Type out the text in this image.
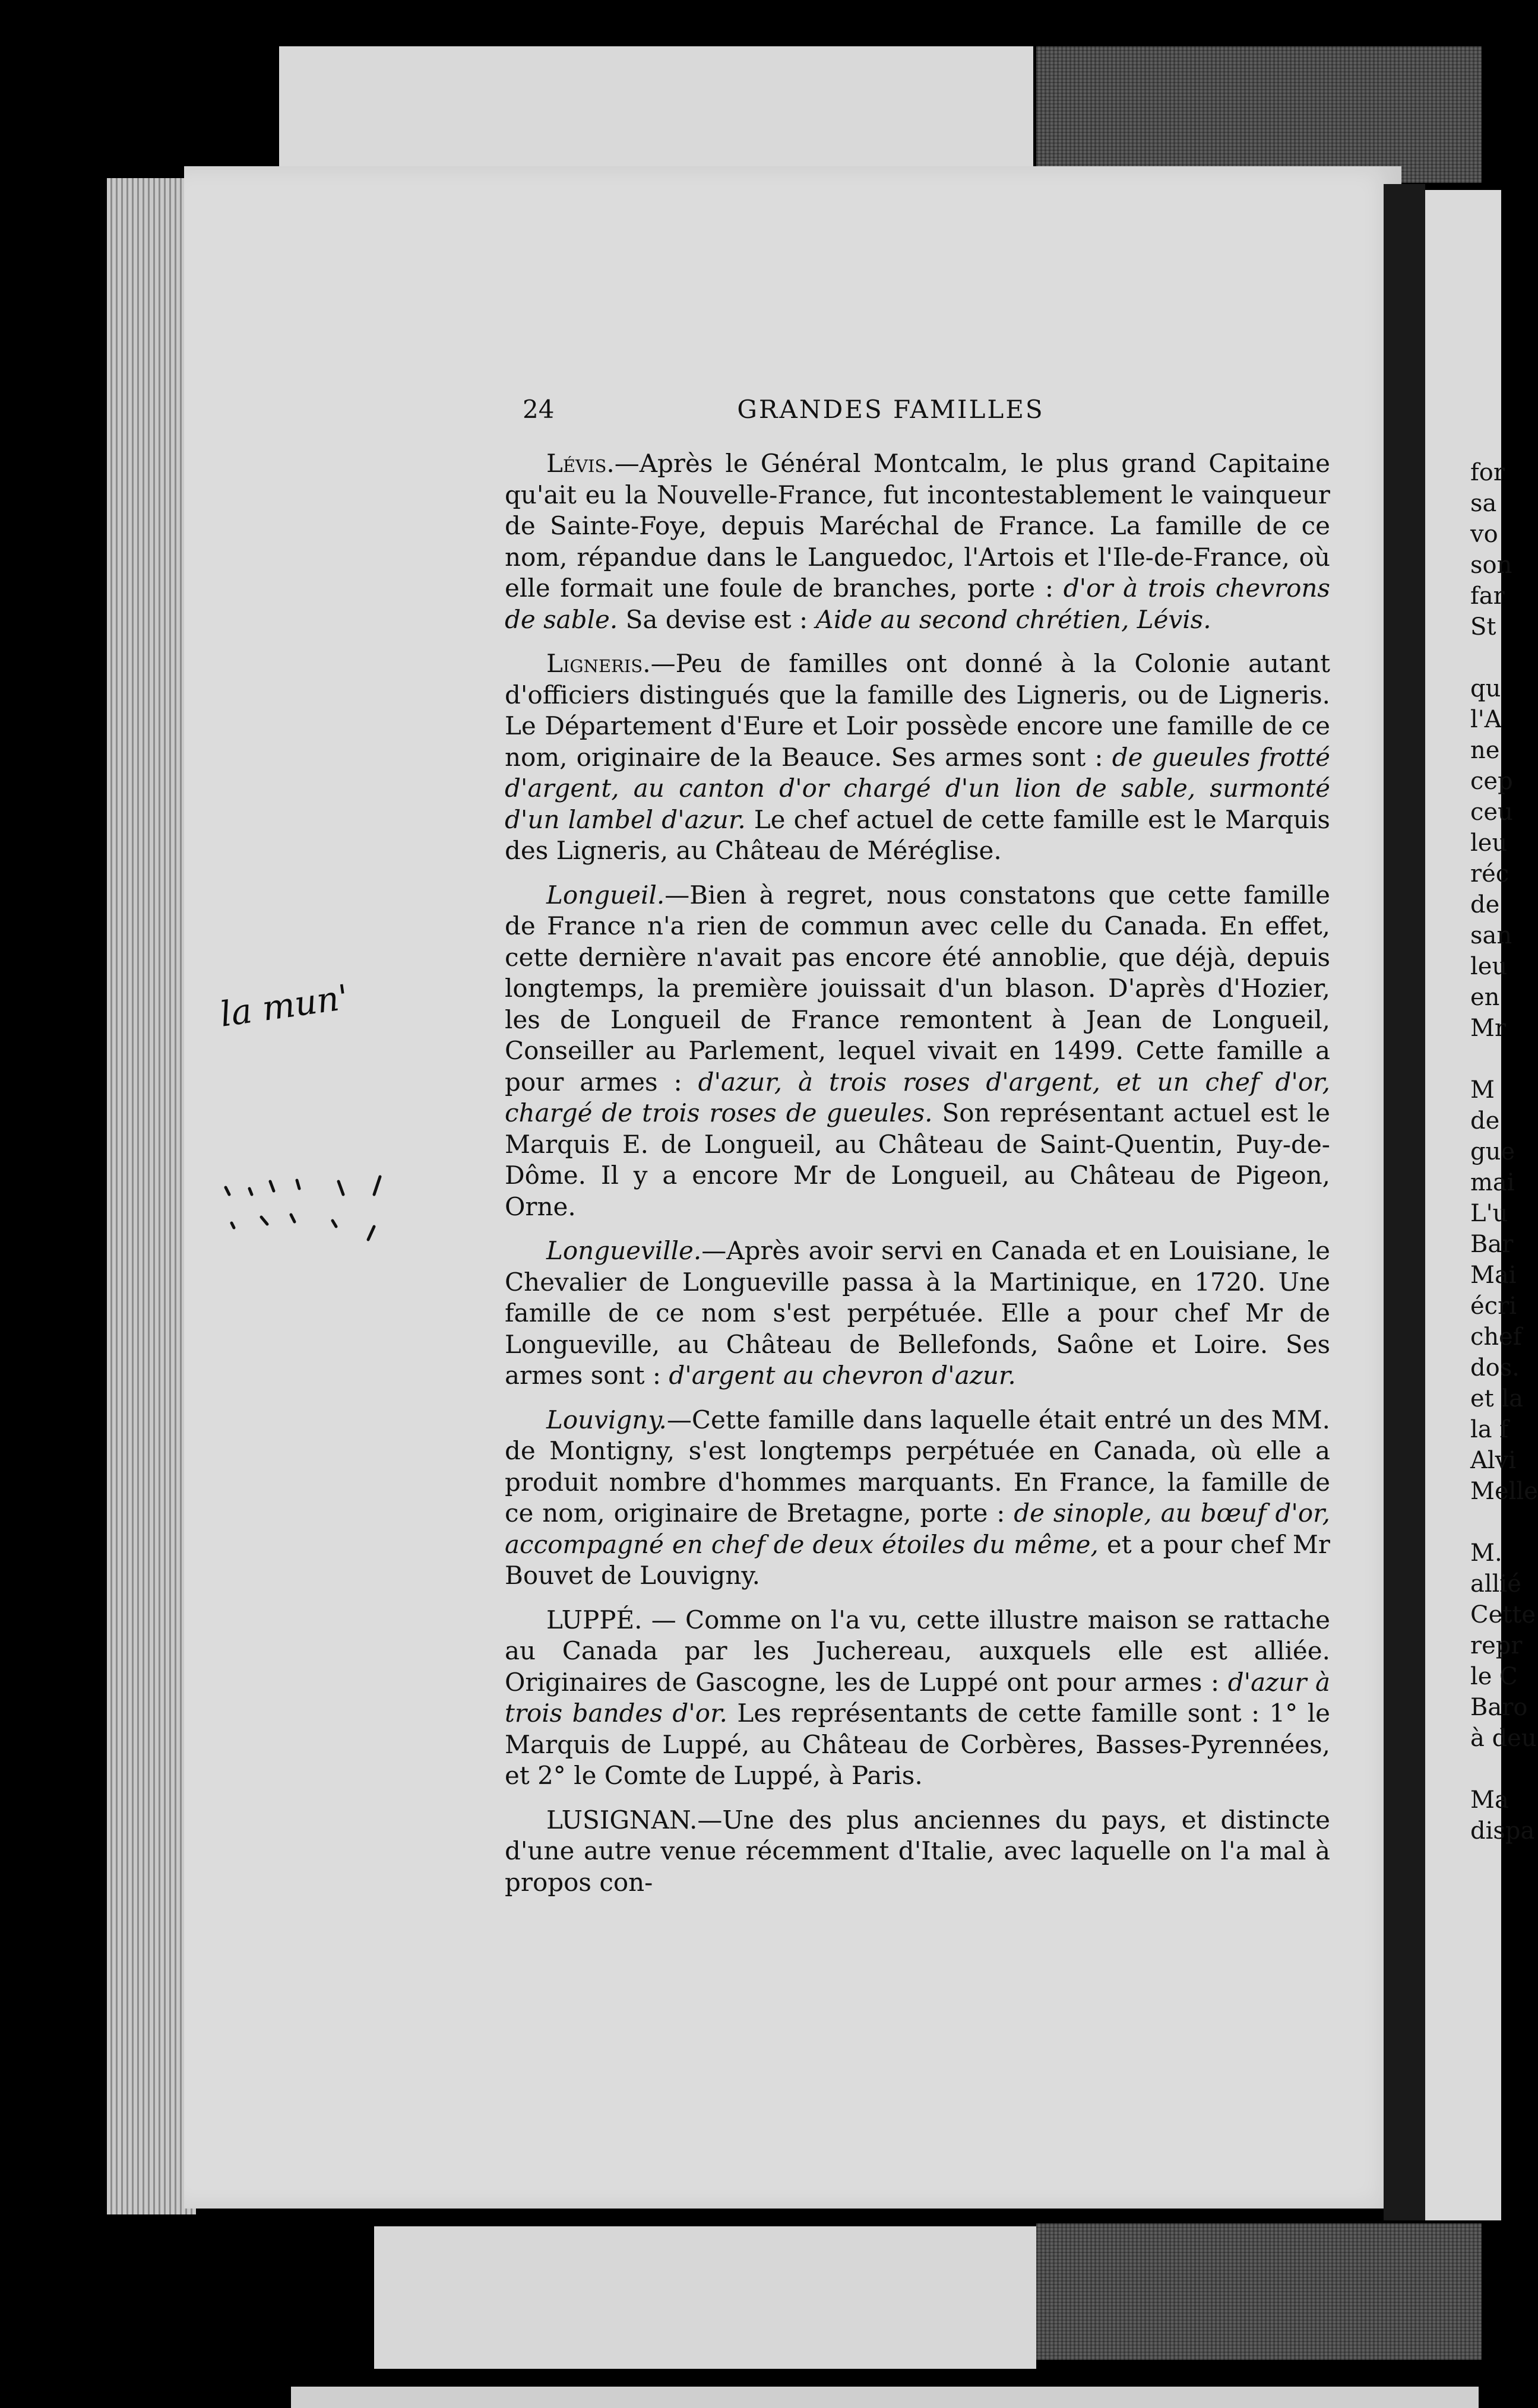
24	GRANDES FAMILLES

Lévis.—Après le Général Montcalm, le plus grand Capitaine qu'ait eu la Nouvelle-France, fut incontestablement le vainqueur de Sainte-Foye, depuis Maréchal de France. La famille de ce nom, répandue dans le Languedoc, l'Artois et l'Ile-de-France, où elle formait une foule de branches, porte : d'or à trois chevrons de sable. Sa devise est : Aide au second chrétien, Lévis.

Ligneris.—Peu de familles ont donné à la Colonie autant d'officiers distingués que la famille des Ligneris, ou de Ligneris. Le Département d'Eure et Loir possède encore une famille de ce nom, originaire de la Beauce. Ses armes sont : de gueules frotté d'argent, au canton d'or chargé d'un lion de sable, surmonté d'un lambel d'azur. Le chef actuel de cette famille est le Marquis des Ligneris, au Château de Méréglise.

Longueil.—Bien à regret, nous constatons que cette famille de France n'a rien de commun avec celle du Canada. En effet, cette dernière n'avait pas encore été annoblie, que déjà, depuis longtemps, la première jouissait d'un blason. D'après d'Hozier, les de Longueil de France remontent à Jean de Longueil, Conseiller au Parlement, lequel vivait en 1499. Cette famille a pour armes : d'azur, à trois roses d'argent, et un chef d'or, chargé de trois roses de gueules. Son représentant actuel est le Marquis E. de Longueil, au Château de Saint-Quentin, Puy-de-Dôme. Il y a encore Mr de Longueil, au Château de Pigeon, Orne.

Longueville.—Après avoir servi en Canada et en Louisiane, le Chevalier de Longueville passa à la Martinique, en 1720. Une famille de ce nom s'est perpétuée. Elle a pour chef Mr de Longueville, au Château de Bellefonds, Saône et Loire. Ses armes sont : d'argent au chevron d'azur.

Louvigny.—Cette famille dans laquelle était entré un des MM. de Montigny, s'est longtemps perpétuée en Canada, où elle a produit nombre d'hommes marquants. En France, la famille de ce nom, originaire de Bretagne, porte : de sinople, au bœuf d'or, accompagné en chef de deux étoiles du même, et a pour chef Mr Bouvet de Louvigny.

LUPPÉ. — Comme on l'a vu, cette illustre maison se rattache au Canada par les Juchereau, auxquels elle est alliée. Originaires de Gascogne, les de Luppé ont pour armes : d'azur à trois bandes d'or. Les représentants de cette famille sont : 1° le Marquis de Luppé, au Château de Corbères, Basses-Pyrennées, et 2° le Comte de Luppé, à Paris.

LUSIGNAN.—Une des plus anciennes du pays, et distincte d'une autre venue récemment d'Italie, avec laquelle on l'a mal à propos con-

la mun'
for
sa
vo
son
far
St

qu
l'A
ne
cep
ceu
leu
réc
de
san
leu
en
Mr

M
de
gue
mai
L'u
Bar
Mai
écri
chef
dos.
et la
la f
Alvi
Melle

M.
allié
Cette
repr
le C
Baro
à deu

Ma
dispa
